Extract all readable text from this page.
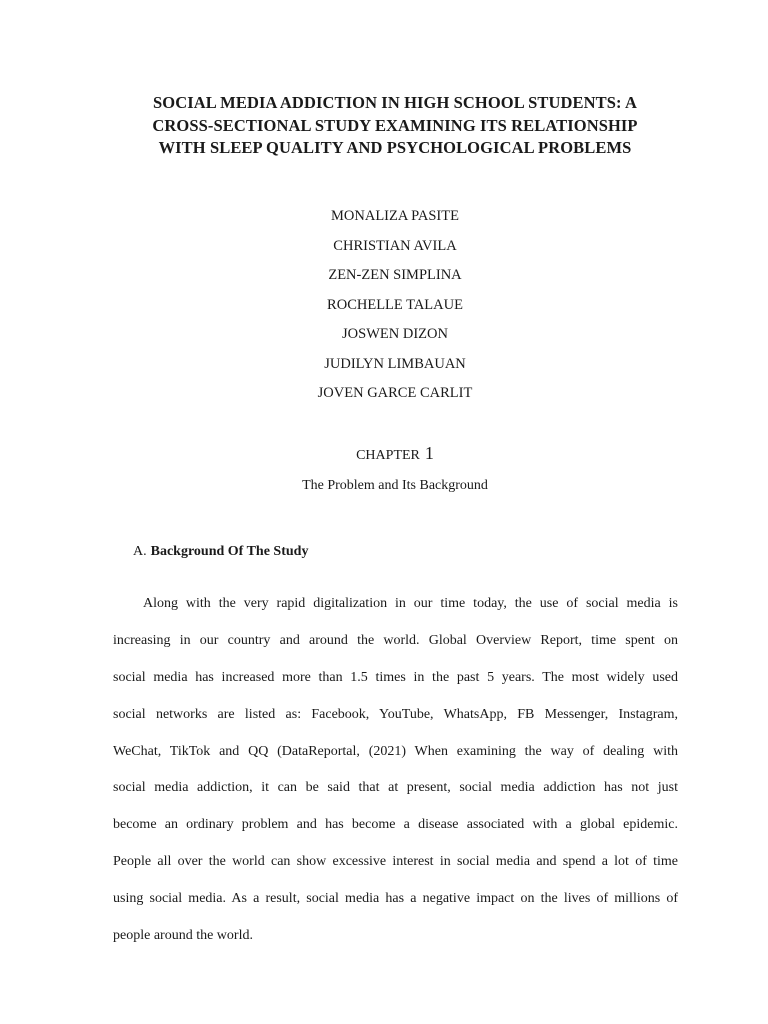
SOCIAL MEDIA ADDICTION IN HIGH SCHOOL STUDENTS: A
CROSS-SECTIONAL STUDY EXAMINING ITS RELATIONSHIP
WITH SLEEP QUALITY AND PSYCHOLOGICAL PROBLEMS
MONALIZA PASITE
CHRISTIAN AVILA
ZEN-ZEN SIMPLINA
ROCHELLE TALAUE
JOSWEN DIZON
JUDILYN LIMBAUAN
JOVEN GARCE CARLIT
CHAPTER 1
The Problem and Its Background
A. Background Of The Study
Along with the very rapid digitalization in our time today, the use of social media is
increasing in our country and around the world. Global Overview Report, time spent on
social media has increased more than 1.5 times in the past 5 years. The most widely used
social networks are listed as: Facebook, YouTube, WhatsApp, FB Messenger, Instagram,
WeChat, TikTok and QQ (DataReportal, (2021) When examining the way of dealing with
social media addiction, it can be said that at present, social media addiction has not just
become an ordinary problem and has become a disease associated with a global epidemic.
People all over the world can show excessive interest in social media and spend a lot of time
using social media. As a result, social media has a negative impact on the lives of millions of
people around the world.
